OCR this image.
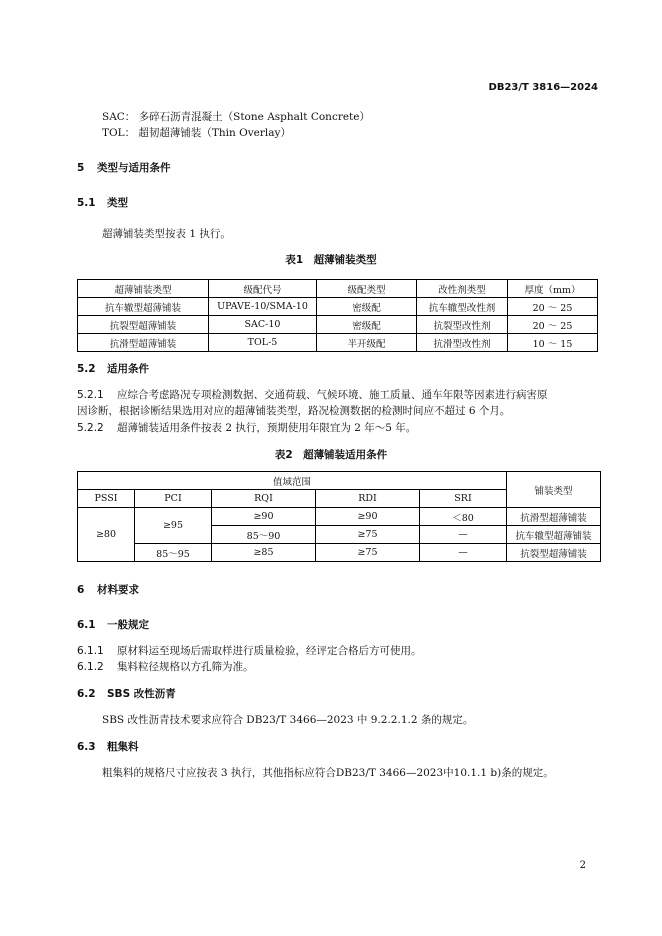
DB23/T 3816—2024
SAC： 多碎石沥青混凝土（Stone Asphalt Concrete）
TOL： 超韧超薄铺装（Thin Overlay）
5 类型与适用条件
5.1 类型
超薄铺装类型按表 1 执行。
表1　超薄铺装类型
超薄铺装类型	级配代号	级配类型	改性剂类型	厚度（mm）
抗车辙型超薄铺装	UPAVE-10/SMA-10	密级配	抗车辙型改性剂	20 ～ 25
抗裂型超薄铺装	SAC-10	密级配	抗裂型改性剂	20 ～ 25
抗滑型超薄铺装	TOL-5	半开级配	抗滑型改性剂	10 ～ 15
5.2 适用条件
5.2.1 应综合考虑路况专项检测数据、交通荷载、气候环境、施工质量、通车年限等因素进行病害原
因诊断，根据诊断结果选用对应的超薄铺装类型，路况检测数据的检测时间应不超过 6 个月。
5.2.2 超薄铺装适用条件按表 2 执行，预期使用年限宜为 2 年～5 年。
表2　超薄铺装适用条件
值域范围					铺装类型
PSSI	PCI	RQI	RDI	SRI	
≥80	≥95	≥90	≥90	＜80	抗滑型超薄铺装
		85～90	≥75	—	抗车辙型超薄铺装
	85～95	≥85	≥75	—	抗裂型超薄铺装
6 材料要求
6.1 一般规定
6.1.1 原材料运至现场后需取样进行质量检验，经评定合格后方可使用。
6.1.2 集料粒径规格以方孔筛为准。
6.2 SBS 改性沥青
SBS 改性沥青技术要求应符合 DB23/T 3466—2023 中 9.2.2.1.2 条的规定。
6.3 粗集料
粗集料的规格尺寸应按表 3 执行，其他指标应符合DB23/T 3466—2023中10.1.1 b)条的规定。
2
